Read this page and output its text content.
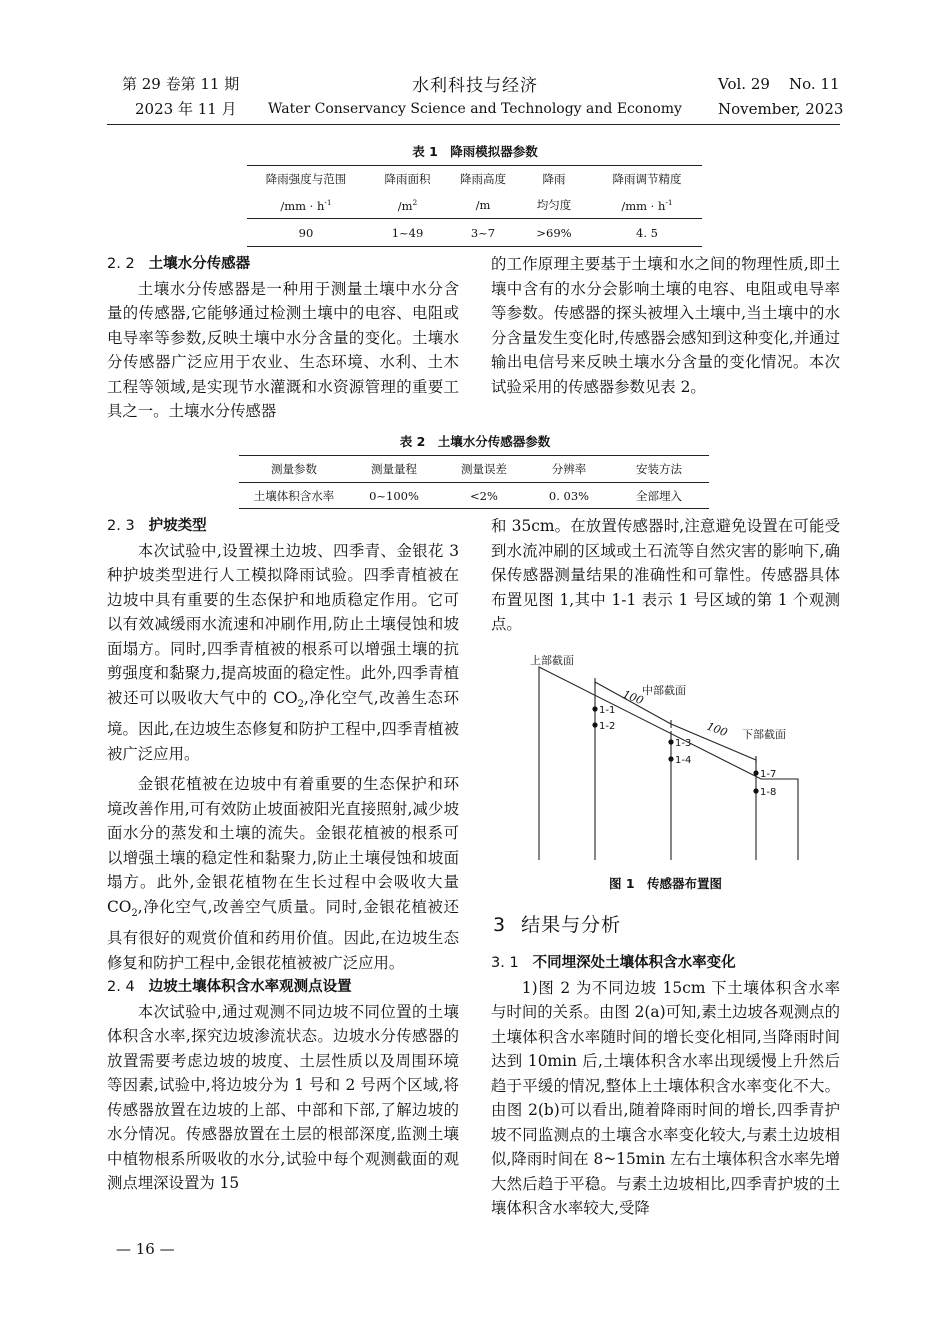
第 29 卷第 11 期
2023 年 11 月
水利科技与经济
Water Conservancy Science and Technology and Economy
Vol. 29    No. 11
November, 2023
表 1　降雨模拟器参数
降雨强度与范围	降雨面积	降雨高度	降雨	降雨调节精度
$/mm \cdot h^{-1}$	$/m^2$	/m	均匀度	$/mm \cdot h^{-1}$
90	1~49	3~7	>69%	4. 5
2. 2 土壤水分传感器

土壤水分传感器是一种用于测量土壤中水分含量的传感器,它能够通过检测土壤中的电容、电阻或电导率等参数,反映土壤中水分含量的变化。土壤水分传感器广泛应用于农业、生态环境、水利、土木工程等领域,是实现节水灌溉和水资源管理的重要工具之一。土壤水分传感器

的工作原理主要基于土壤和水之间的物理性质,即土壤中含有的水分会影响土壤的电容、电阻或电导率等参数。传感器的探头被埋入土壤中,当土壤中的水分含量发生变化时,传感器会感知到这种变化,并通过输出电信号来反映土壤水分含量的变化情况。本次试验采用的传感器参数见表 2。

表 2　土壤水分传感器参数
测量参数	测量量程	测量误差	分辨率	安装方法
土壤体积含水率	0~100%	<2%	0. 03%	全部埋入
2. 3 护坡类型

本次试验中,设置裸土边坡、四季青、金银花 3 种护坡类型进行人工模拟降雨试验。四季青植被在边坡中具有重要的生态保护和地质稳定作用。它可以有效减缓雨水流速和冲刷作用,防止土壤侵蚀和坡面塌方。同时,四季青植被的根系可以增强土壤的抗剪强度和黏聚力,提高坡面的稳定性。此外,四季青植被还可以吸收大气中的 $CO_2$,净化空气,改善生态环境。因此,在边坡生态修复和防护工程中,四季青植被被广泛应用。

金银花植被在边坡中有着重要的生态保护和环境改善作用,可有效防止坡面被阳光直接照射,减少坡面水分的蒸发和土壤的流失。金银花植被的根系可以增强土壤的稳定性和黏聚力,防止土壤侵蚀和坡面塌方。此外,金银花植物在生长过程中会吸收大量 $CO_2$,净化空气,改善空气质量。同时,金银花植被还具有很好的观赏价值和药用价值。因此,在边坡生态修复和防护工程中,金银花植被被广泛应用。

2. 4 边坡土壤体积含水率观测点设置

本次试验中,通过观测不同边坡不同位置的土壤体积含水率,探究边坡渗流状态。边坡水分传感器的放置需要考虑边坡的坡度、土层性质以及周围环境等因素,试验中,将边坡分为 1 号和 2 号两个区域,将传感器放置在边坡的上部、中部和下部,了解边坡的水分情况。传感器放置在土层的根部深度,监测土壤中植物根系所吸收的水分,试验中每个观测截面的观测点埋深设置为 15

和 35cm。在放置传感器时,注意避免设置在可能受到水流冲刷的区域或土石流等自然灾害的影响下,确保传感器测量结果的准确性和可靠性。传感器具体布置见图 1,其中 1-1 表示 1 号区域的第 1 个观测点。

上部截面
中部截面
下部截面
100
100
1-1
1-2
1-3
1-4
1-7
1-8
图 1　传感器布置图
3 结果与分析
3. 1 不同埋深处土壤体积含水率变化

1)图 2 为不同边坡 15cm 下土壤体积含水率与时间的关系。由图 2(a)可知,素土边坡各观测点的土壤体积含水率随时间的增长变化相同,当降雨时间达到 10min 后,土壤体积含水率出现缓慢上升然后趋于平缓的情况,整体上土壤体积含水率变化不大。由图 2(b)可以看出,随着降雨时间的增长,四季青护坡不同监测点的土壤含水率变化较大,与素土边坡相似,降雨时间在 8~15min 左右土壤体积含水率先增大然后趋于平稳。与素土边坡相比,四季青护坡的土壤体积含水率较大,受降

— 16 —
